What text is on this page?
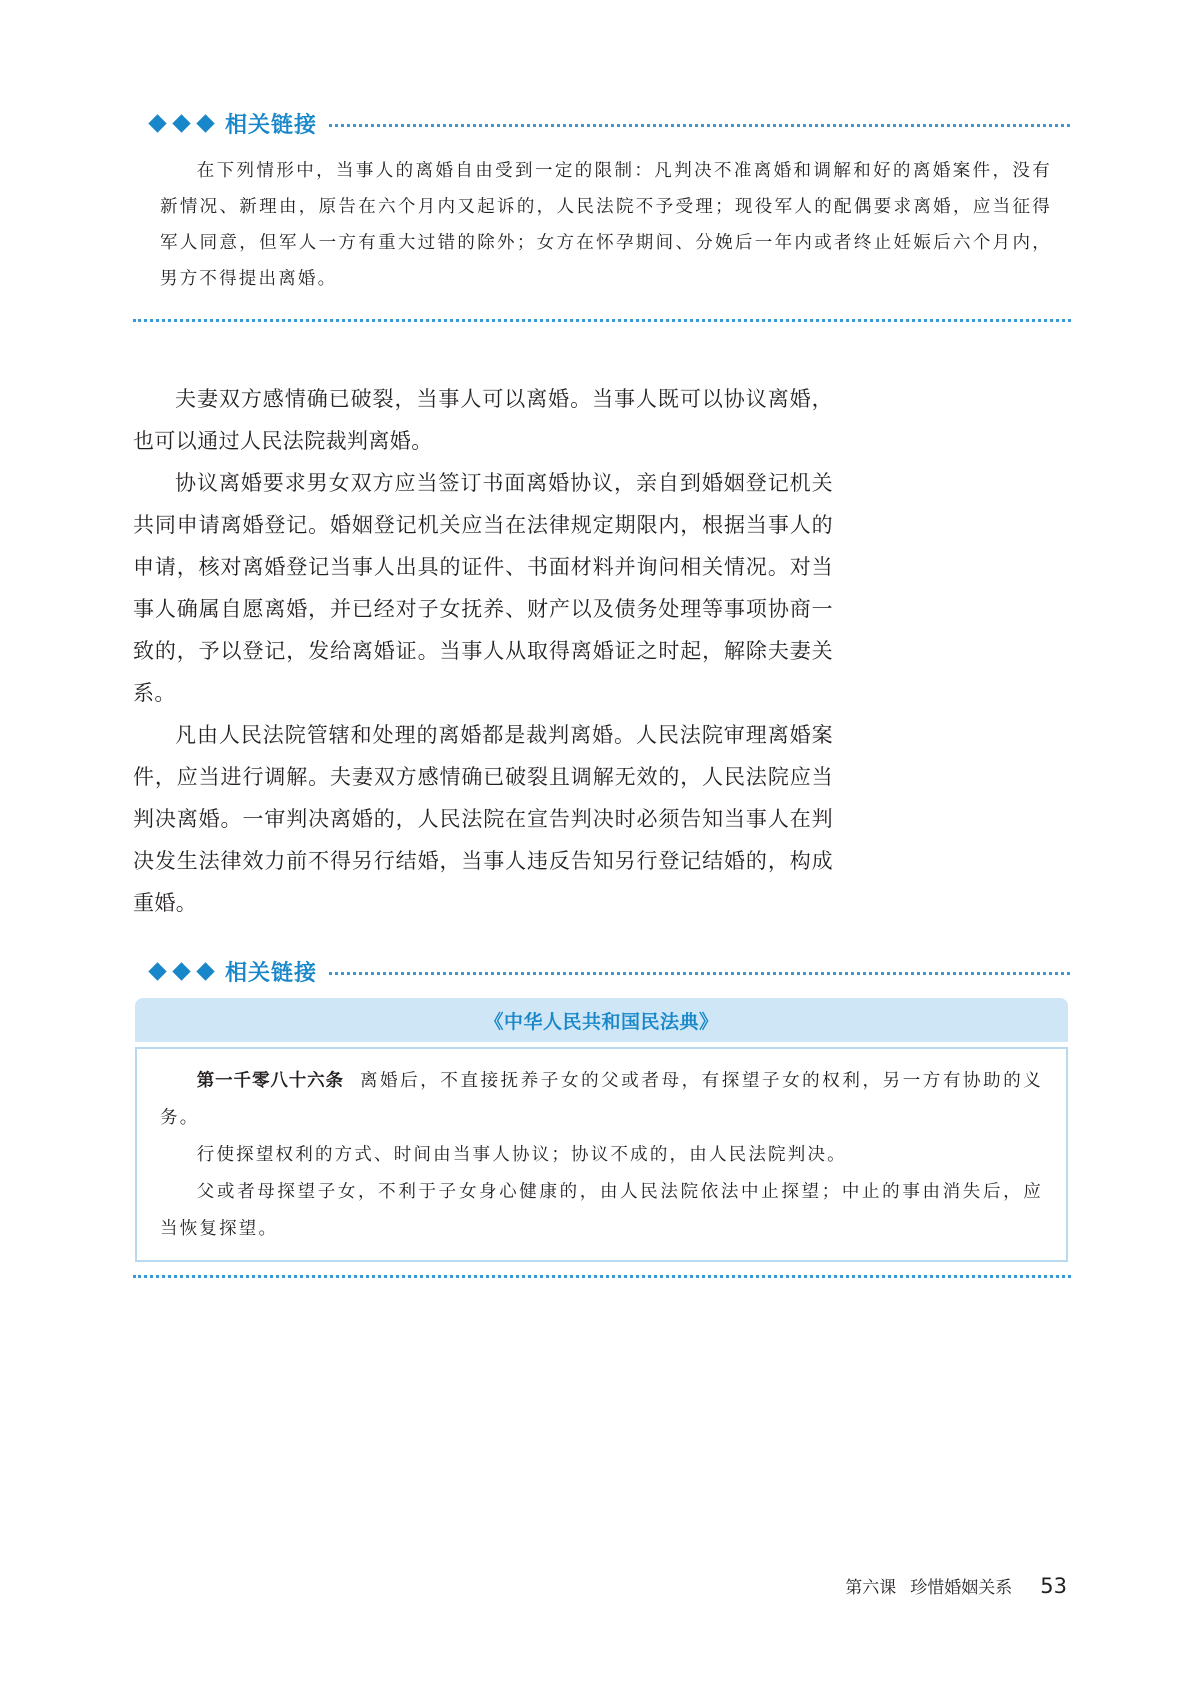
相关链接

在下列情形中，当事人的离婚自由受到一定的限制：凡判决不准离婚和调解和好的离婚案件，没有新情况、新理由，原告在六个月内又起诉的，人民法院不予受理；现役军人的配偶要求离婚，应当征得军人同意，但军人一方有重大过错的除外；女方在怀孕期间、分娩后一年内或者终止妊娠后六个月内，男方不得提出离婚。

夫妻双方感情确已破裂，当事人可以离婚。当事人既可以协议离婚，也可以通过人民法院裁判离婚。

协议离婚要求男女双方应当签订书面离婚协议，亲自到婚姻登记机关共同申请离婚登记。婚姻登记机关应当在法律规定期限内，根据当事人的申请，核对离婚登记当事人出具的证件、书面材料并询问相关情况。对当事人确属自愿离婚，并已经对子女抚养、财产以及债务处理等事项协商一致的，予以登记，发给离婚证。当事人从取得离婚证之时起，解除夫妻关系。

凡由人民法院管辖和处理的离婚都是裁判离婚。人民法院审理离婚案件，应当进行调解。夫妻双方感情确已破裂且调解无效的，人民法院应当判决离婚。一审判决离婚的，人民法院在宣告判决时必须告知当事人在判决发生法律效力前不得另行结婚，当事人违反告知另行登记结婚的，构成重婚。

相关链接
《中华人民共和国民法典》

第一千零八十六条 离婚后，不直接抚养子女的父或者母，有探望子女的权利，另一方有协助的义务。

行使探望权利的方式、时间由当事人协议；协议不成的，由人民法院判决。

父或者母探望子女，不利于子女身心健康的，由人民法院依法中止探望；中止的事由消失后，应当恢复探望。

第六课 珍惜婚姻关系 53
